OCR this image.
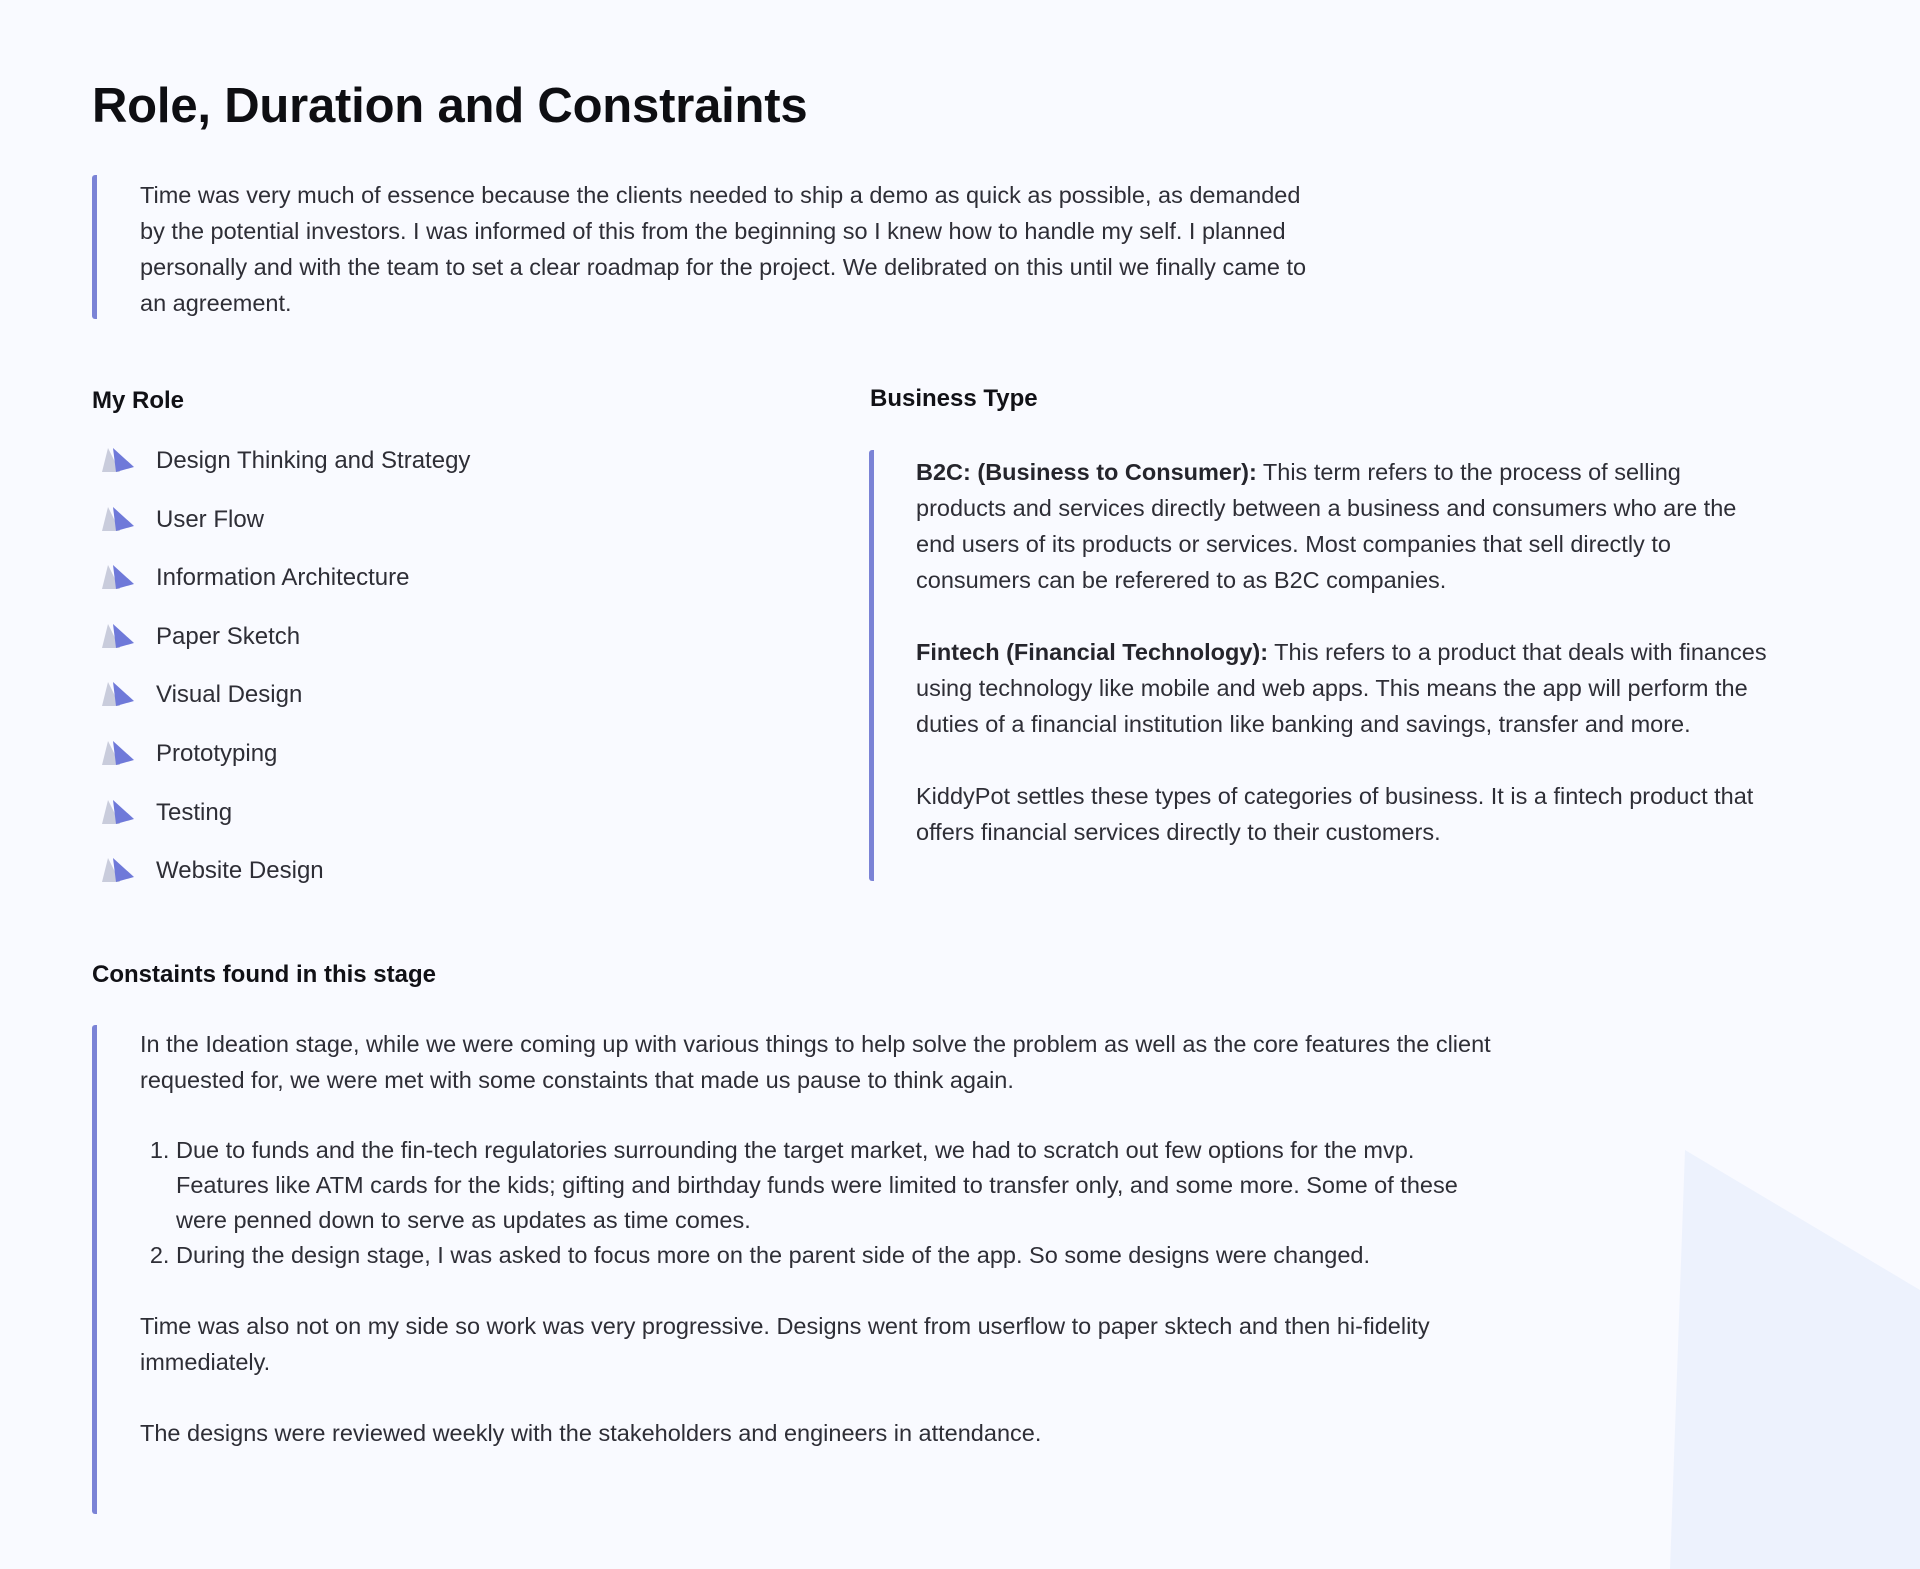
Role, Duration and Constraints

Time was very much of essence because the clients needed to ship a demo as quick as possible, as demanded by the potential investors. I was informed of this from the beginning so I knew how to handle my self. I planned personally and with the team to set a clear roadmap for the project. We delibrated on this until we finally came to an agreement.

My Role
Design Thinking and Strategy
User Flow
Information Architecture
Paper Sketch
Visual Design
Prototyping
Testing
Website Design
Business Type

B2C: (Business to Consumer): This term refers to the process of selling products and services directly between a business and consumers who are the end users of its products or services. Most companies that sell directly to consumers can be referered to as B2C companies.

Fintech (Financial Technology): This refers to a product that deals with finances using technology like mobile and web apps. This means the app will perform the duties of a financial institution like banking and savings, transfer and more.

KiddyPot settles these types of categories of business. It is a fintech product that offers financial services directly to their customers.

Constaints found in this stage

In the Ideation stage, while we were coming up with various things to help solve the problem as well as the core features the client requested for, we were met with some constaints that made us pause to think again.

1. Due to funds and the fin-tech regulatories surrounding the target market, we had to scratch out few options for the mvp. Features like ATM cards for the kids; gifting and birthday funds were limited to transfer only, and some more. Some of these were penned down to serve as updates as time comes.
2. During the design stage, I was asked to focus more on the parent side of the app. So some designs were changed.

Time was also not on my side so work was very progressive. Designs went from userflow to paper sktech and then hi-fidelity immediately.

The designs were reviewed weekly with the stakeholders and engineers in attendance.
